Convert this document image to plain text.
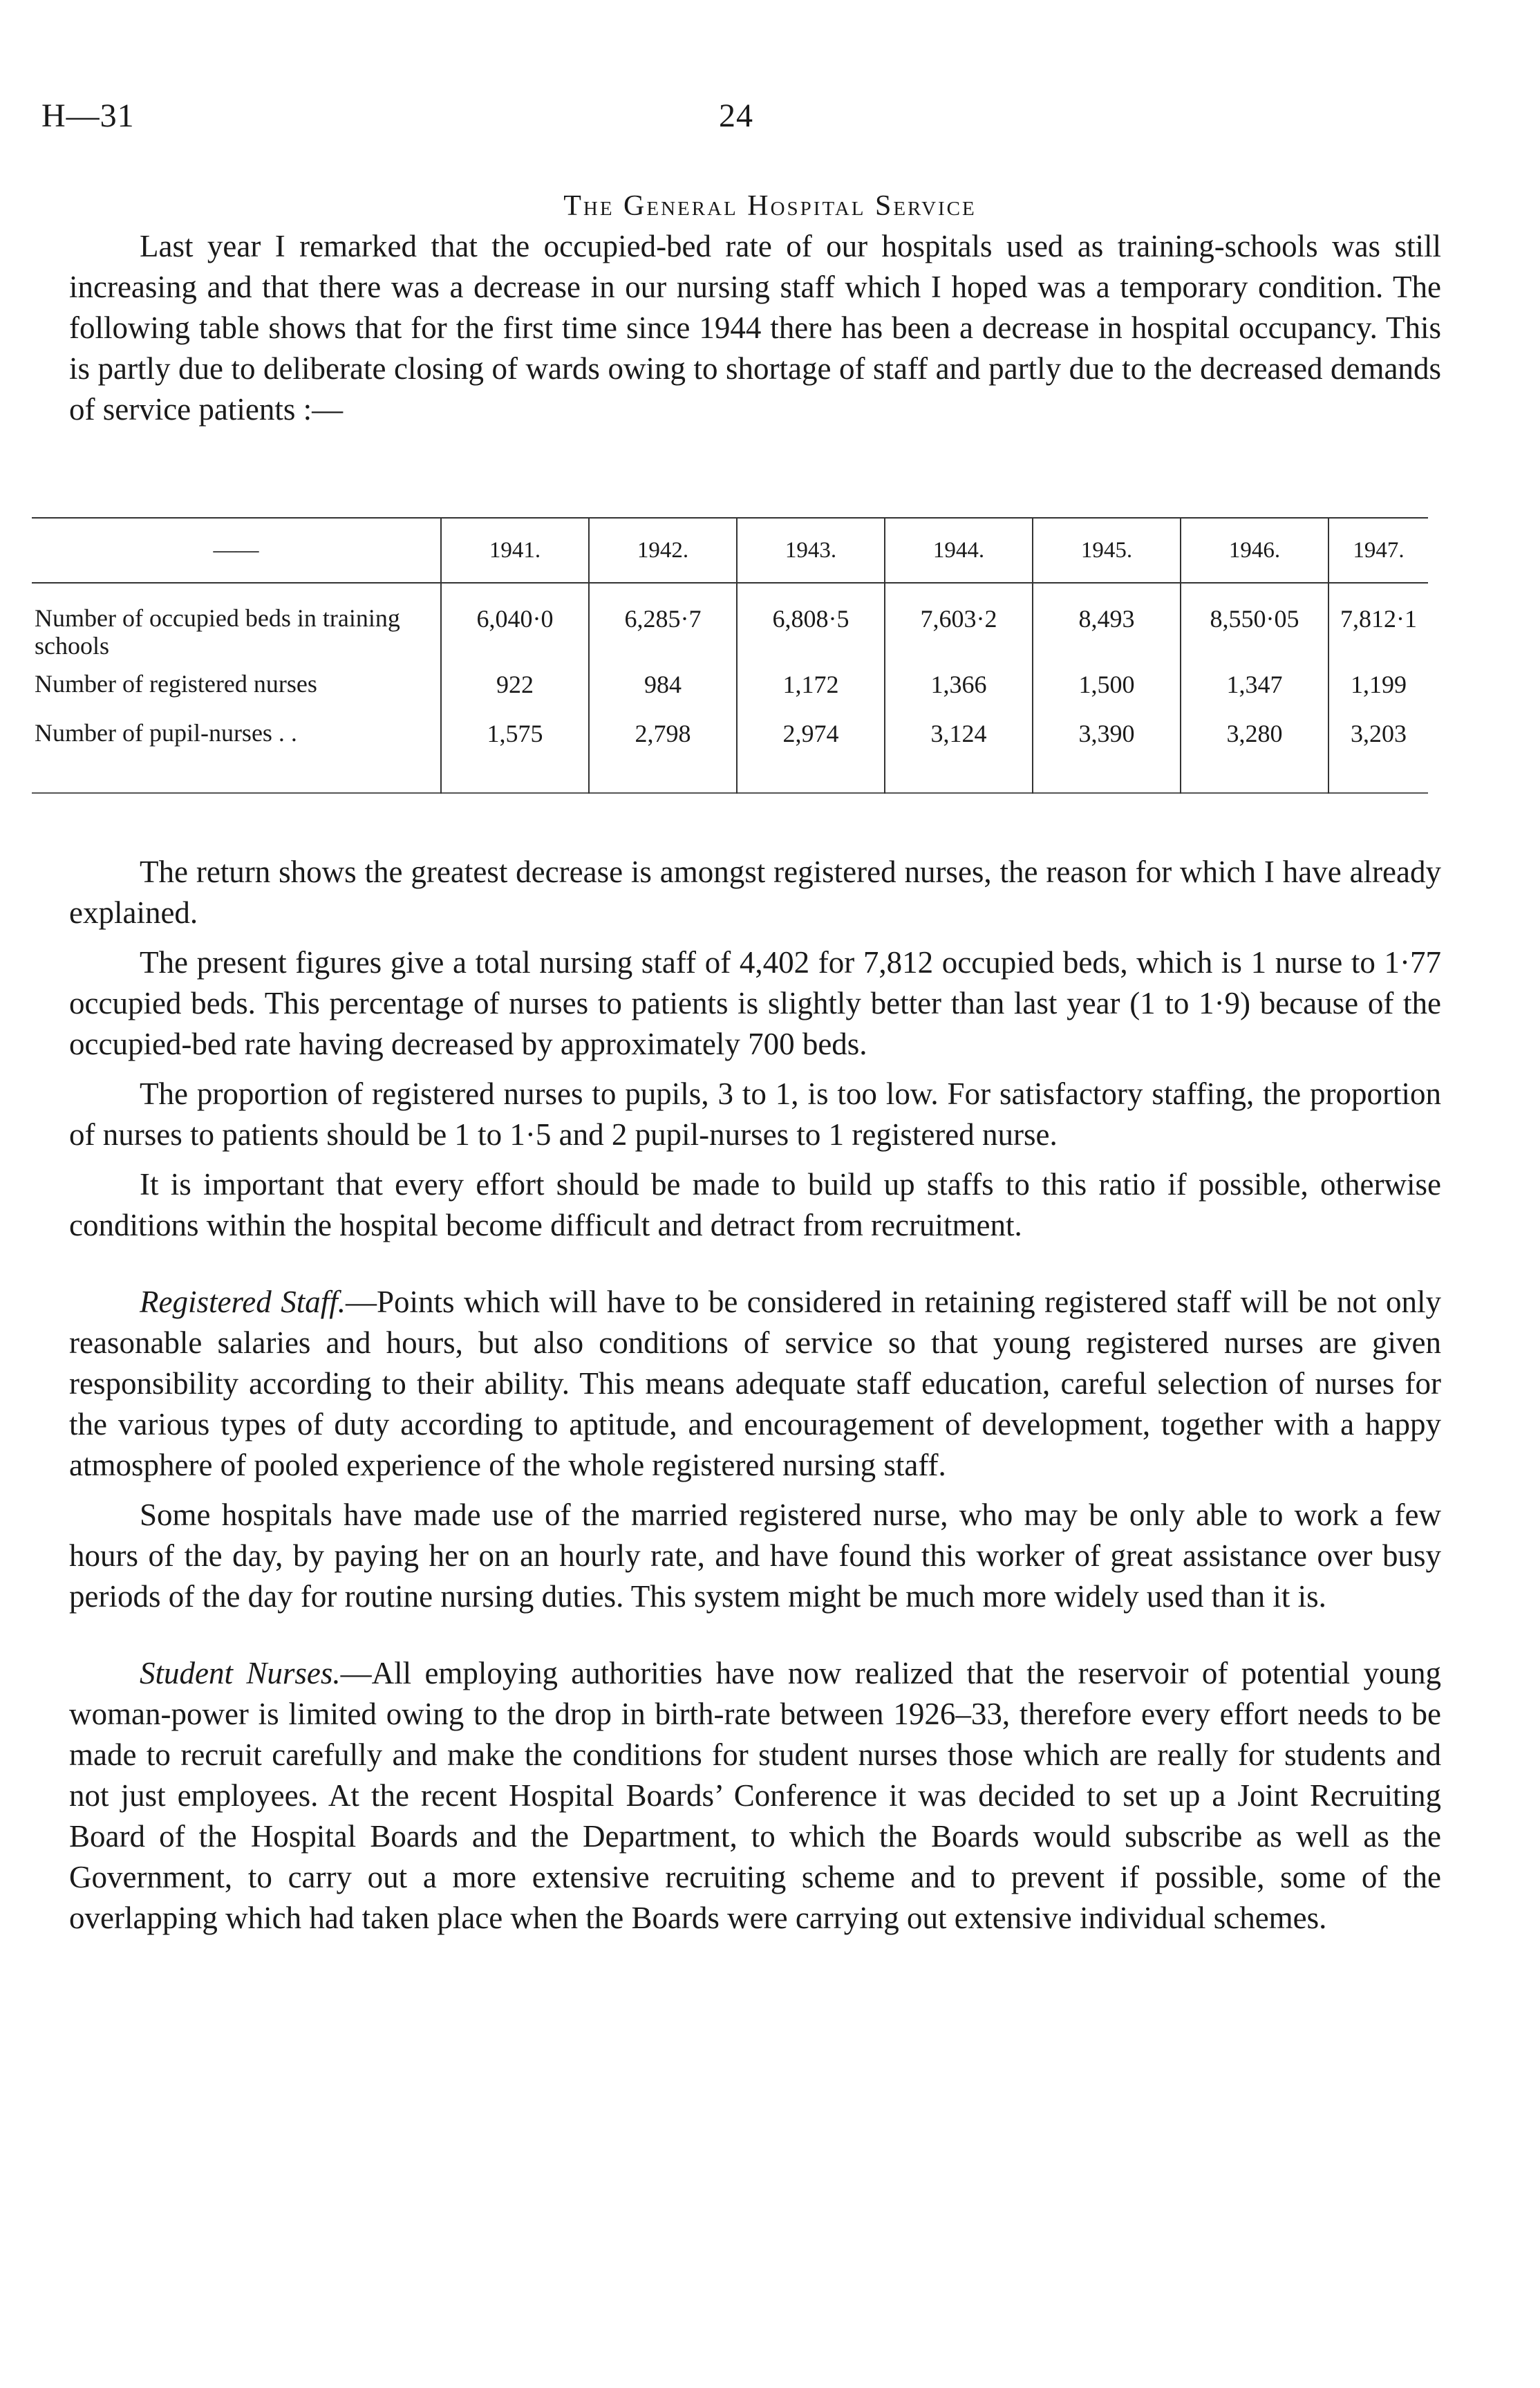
H—31	24
The General Hospital Service

Last year I remarked that the occupied-bed rate of our hospitals used as training-schools was still increasing and that there was a decrease in our nursing staff which I hoped was a temporary condition. The following table shows that for the first time since 1944 there has been a decrease in hospital occupancy. This is partly due to deliberate closing of wards owing to shortage of staff and partly due to the decreased demands of service patients :—

——	1941.	1942.	1943.	1944.	1945.	1946.	1947.
Number of occupied beds in training schools	6,040·0	6,285·7	6,808·5	7,603·2	8,493	8,550·05	7,812·1
Number of registered nurses	922	984	1,172	1,366	1,500	1,347	1,199
Number of pupil-nurses . .	1,575	2,798	2,974	3,124	3,390	3,280	3,203

The return shows the greatest decrease is amongst registered nurses, the reason for which I have already explained.

The present figures give a total nursing staff of 4,402 for 7,812 occupied beds, which is 1 nurse to 1·77 occupied beds. This percentage of nurses to patients is slightly better than last year (1 to 1·9) because of the occupied-bed rate having decreased by approximately 700 beds.

The proportion of registered nurses to pupils, 3 to 1, is too low. For satisfactory staffing, the proportion of nurses to patients should be 1 to 1·5 and 2 pupil-nurses to 1 registered nurse.

It is important that every effort should be made to build up staffs to this ratio if possible, otherwise conditions within the hospital become difficult and detract from recruitment.

Registered Staff.—Points which will have to be considered in retaining registered staff will be not only reasonable salaries and hours, but also conditions of service so that young registered nurses are given responsibility according to their ability. This means adequate staff education, careful selection of nurses for the various types of duty according to aptitude, and encouragement of development, together with a happy atmosphere of pooled experience of the whole registered nursing staff.

Some hospitals have made use of the married registered nurse, who may be only able to work a few hours of the day, by paying her on an hourly rate, and have found this worker of great assistance over busy periods of the day for routine nursing duties. This system might be much more widely used than it is.

Student Nurses.—All employing authorities have now realized that the reservoir of potential young woman-power is limited owing to the drop in birth-rate between 1926–33, therefore every effort needs to be made to recruit carefully and make the conditions for student nurses those which are really for students and not just employees. At the recent Hospital Boards’ Conference it was decided to set up a Joint Recruiting Board of the Hospital Boards and the Department, to which the Boards would subscribe as well as the Government, to carry out a more extensive recruiting scheme and to prevent if possible, some of the overlapping which had taken place when the Boards were carrying out extensive individual schemes.
